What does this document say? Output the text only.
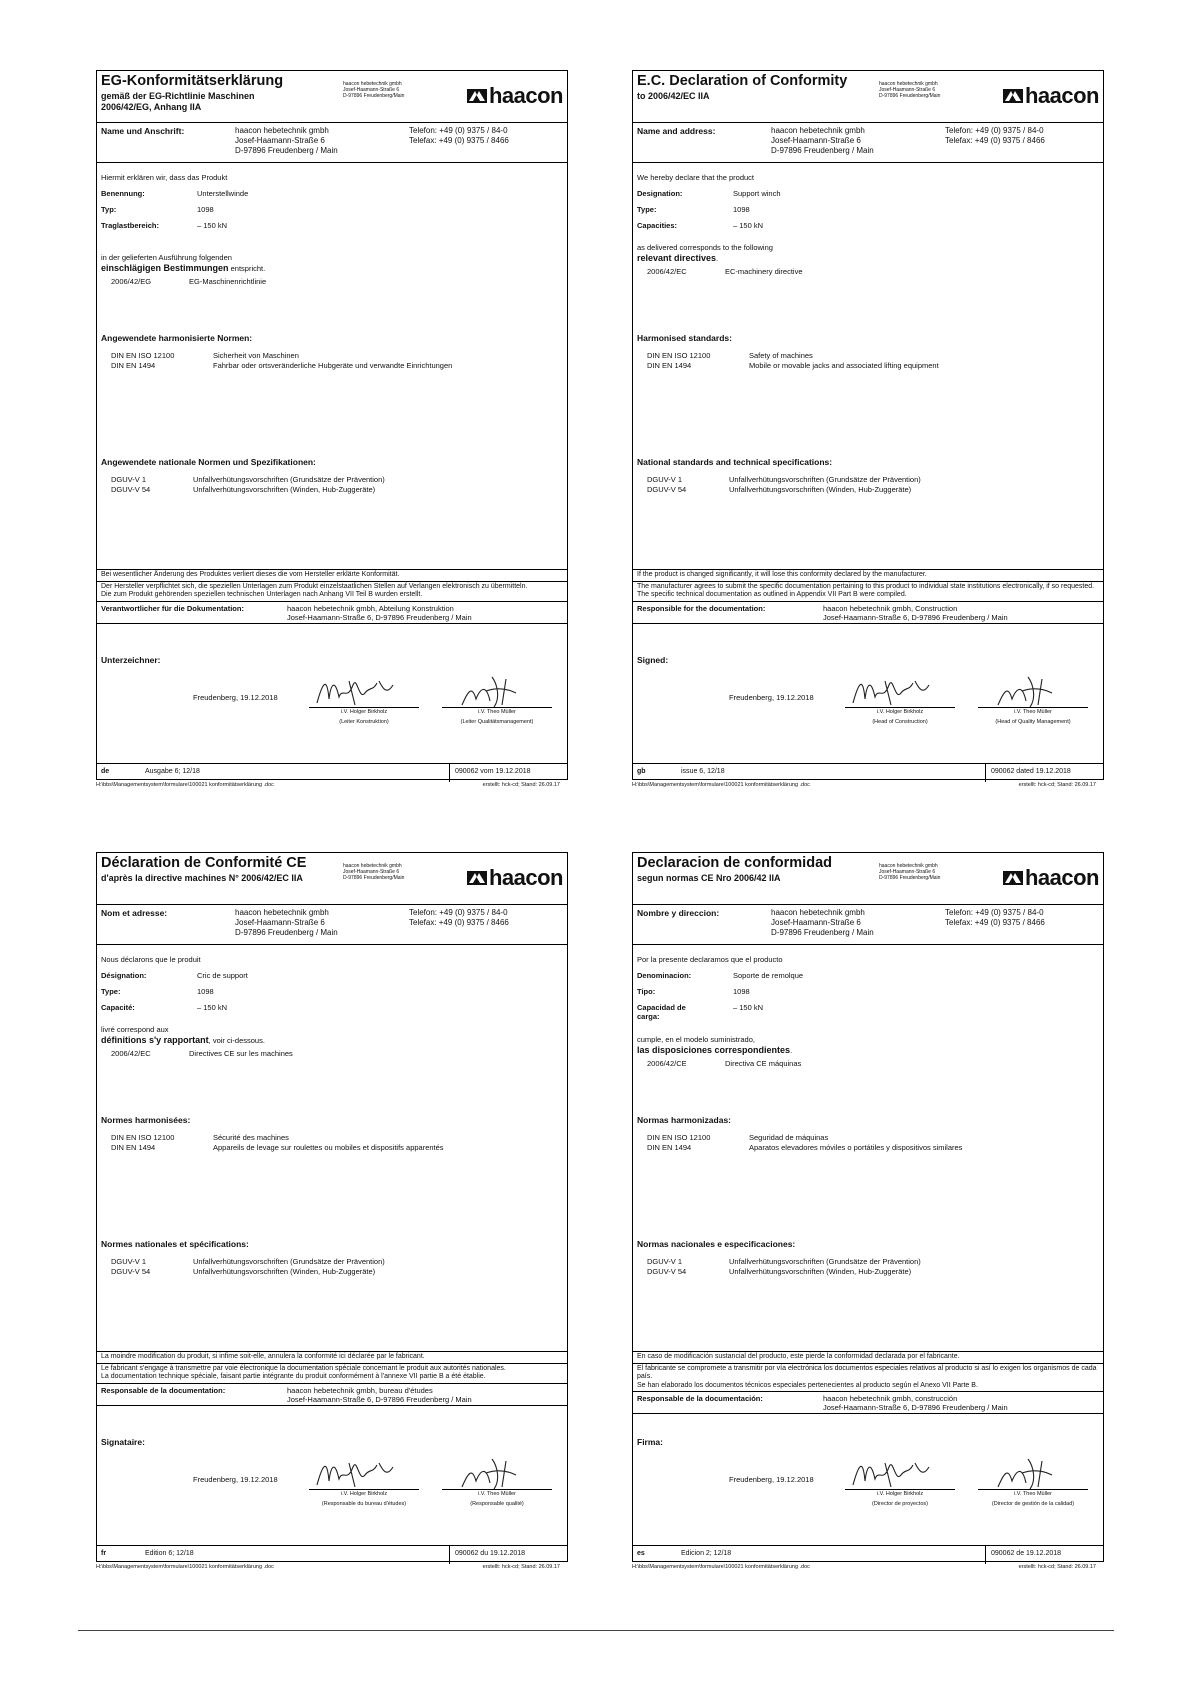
EG-Konformitätserklärung
gemäß der EG-Richtlinie Maschinen
2006/42/EG, Anhang IIA
haacon hebetechnik gmbh
Josef-Haamann-Straße 6
D-97896 Freudenberg/Main	haacon
Name und Anschrift:	haacon hebetechnik gmbh
Josef-Haamann-Straße 6
D-97896 Freudenberg / Main
Telefon: +49 (0) 9375 / 84-0
Telefax: +49 (0) 9375 / 8466
Hiermit erklären wir, dass das Produkt
Benennung:	Unterstellwinde
Typ:	1098
Traglastbereich:	– 150 kN
in der gelieferten Ausführung folgenden
einschlägigen Bestimmungen entspricht.
2006/42/EG	EG-Maschinenrichtlinie
Angewendete harmonisierte Normen:
DIN EN ISO 12100	Sicherheit von Maschinen
DIN EN 1494	Fahrbar oder ortsveränderliche Hubgeräte und verwandte Einrichtungen
Angewendete nationale Normen und Spezifikationen:
DGUV-V 1	Unfallverhütungsvorschriften (Grundsätze der Prävention)
DGUV-V 54	Unfallverhütungsvorschriften (Winden, Hub-Zuggeräte)
Bei wesentlicher Änderung des Produktes verliert dieses die vom Hersteller erklärte Konformität.
Der Hersteller verpflichtet sich, die speziellen Unterlagen zum Produkt einzelstaatlichen Stellen auf Verlangen elektronisch zu übermitteln.
Die zum Produkt gehörenden speziellen technischen Unterlagen nach Anhang VII Teil B wurden erstellt.
Verantwortlicher für die Dokumentation:	haacon hebetechnik gmbh, Abteilung Konstruktion
Josef-Haamann-Straße 6, D-97896 Freudenberg / Main
Unterzeichner:
Freudenberg, 19.12.2018
i.V. Holger Birkholz	i.V. Theo Müller
(Leiter Konstruktion)	(Leiter Qualitätsmanagement)
de	Ausgabe 6; 12/18	090062 vom 19.12.2018
H:\bbs\Managementsystem\formulare\100021 konformitätserklärung .doc	erstellt: hck-cd; Stand: 26.09.17
E.C. Declaration of Conformity
to 2006/42/EC IIA
haacon hebetechnik gmbh
Josef-Haamann-Straße 6
D-97896 Freudenberg/Main	haacon
Name and address:	haacon hebetechnik gmbh
Josef-Haamann-Straße 6
D-97896 Freudenberg / Main
Telefon: +49 (0) 9375 / 84-0
Telefax: +49 (0) 9375 / 8466
We hereby declare that the product
Designation:	Support winch
Type:	1098
Capacities:	– 150 kN
as delivered corresponds to the following
relevant directives.
2006/42/EC	EC-machinery directive
Harmonised standards:
DIN EN ISO 12100	Safety of machines
DIN EN 1494	Mobile or movable jacks and associated lifting equipment
National standards and technical specifications:
DGUV-V 1	Unfallverhütungsvorschriften (Grundsätze der Prävention)
DGUV-V 54	Unfallverhütungsvorschriften (Winden, Hub-Zuggeräte)
If the product is changed significantly, it will lose this conformity declared by the manufacturer.
The manufacturer agrees to submit the specific documentation pertaining to this product to individual state institutions electronically, if so requested.
The specific technical documentation as outlined in Appendix VII Part B were compiled.
Responsible for the documentation:	haacon hebetechnik gmbh, Construction
Josef-Haamann-Straße 6, D-97896 Freudenberg / Main
Signed:
Freudenberg, 19.12.2018
i.V. Holger Birkholz	i.V. Theo Müller
(Head of Construction)	(Head of Quality Management)
gb	issue 6, 12/18	090062 dated 19.12.2018
H:\bbs\Managementsystem\formulare\100021 konformitätserklärung .doc	erstellt: hck-cd; Stand: 26.09.17
Déclaration de Conformité CE
d'après la directive machines N° 2006/42/EC IIA
haacon hebetechnik gmbh
Josef-Haamann-Straße 6
D-97896 Freudenberg/Main	haacon
Nom et adresse:	haacon hebetechnik gmbh
Josef-Haamann-Straße 6
D-97896 Freudenberg / Main
Telefon: +49 (0) 9375 / 84-0
Telefax: +49 (0) 9375 / 8466
Nous déclarons que le produit
Désignation:	Cric de support
Type:	1098
Capacité:	– 150 kN
livré correspond aux
définitions s'y rapportant, voir ci-dessous.
2006/42/EC	Directives CE sur les machines
Normes harmonisées:
DIN EN ISO 12100	Sécurité des machines
DIN EN 1494	Appareils de levage sur roulettes ou mobiles et dispositifs apparentés
Normes nationales et spécifications:
DGUV-V 1	Unfallverhütungsvorschriften (Grundsätze der Prävention)
DGUV-V 54	Unfallverhütungsvorschriften (Winden, Hub-Zuggeräte)
La moindre modification du produit, si infime soit-elle, annulera la conformité ici déclarée par le fabricant.
Le fabricant s'engage à transmettre par voie électronique la documentation spéciale concernant le produit aux autorités nationales.
La documentation technique spéciale, faisant partie intégrante du produit conformément à l'annexe VII partie B a été établie.
Responsable de la documentation:	haacon hebetechnik gmbh, bureau d'études
Josef-Haamann-Straße 6, D-97896 Freudenberg / Main
Signataire:
Freudenberg, 19.12.2018
i.V. Holger Birkholz	i.V. Theo Müller
(Responsable du bureau d'études)	(Responsable qualité)
fr	Edition 6; 12/18	090062 du 19.12.2018
H:\bbs\Managementsystem\formulare\100021 konformitätserklärung .doc	erstellt: hck-cd; Stand: 26.09.17
Declaracion de conformidad
segun normas CE Nro 2006/42 IIA
haacon hebetechnik gmbh
Josef-Haamann-Straße 6
D-97896 Freudenberg/Main	haacon
Nombre y direccion:	haacon hebetechnik gmbh
Josef-Haamann-Straße 6
D-97896 Freudenberg / Main
Telefon: +49 (0) 9375 / 84-0
Telefax: +49 (0) 9375 / 8466
Por la presente declaramos que el producto
Denominacion:	Soporte de remolque
Tipo:	1098
Capacidad de carga:
– 150 kN
cumple, en el modelo suministrado,
las disposiciones correspondientes.
2006/42/CE	Directiva CE máquinas
Normas harmonizadas:
DIN EN ISO 12100	Seguridad de máquinas
DIN EN 1494	Aparatos elevadores móviles o portátiles y dispositivos similares
Normas nacionales e especificaciones:
DGUV-V 1	Unfallverhütungsvorschriften (Grundsätze der Prävention)
DGUV-V 54	Unfallverhütungsvorschriften (Winden, Hub-Zuggeräte)
En caso de modificación sustancial del producto, este pierde la conformidad declarada por el fabricante.
El fabricante se compromete a transmitir por vía electrónica los documentos especiales relativos al producto si así lo exigen los organismos de cada país.
Se han elaborado los documentos técnicos especiales pertenecientes al producto según el Anexo VII Parte B.
Responsable de la documentación:	haacon hebetechnik gmbh, construcción
Josef-Haamann-Straße 6, D-97896 Freudenberg / Main
Firma:
Freudenberg, 19.12.2018
i.V. Holger Birkholz	i.V. Theo Müller
(Director de proyectos)	(Director de gestión de la calidad)
es	Edicion 2; 12/18	090062 de 19.12.2018
H:\bbs\Managementsystem\formulare\100021 konformitätserklärung .doc	erstellt: hck-cd; Stand: 26.09.17
